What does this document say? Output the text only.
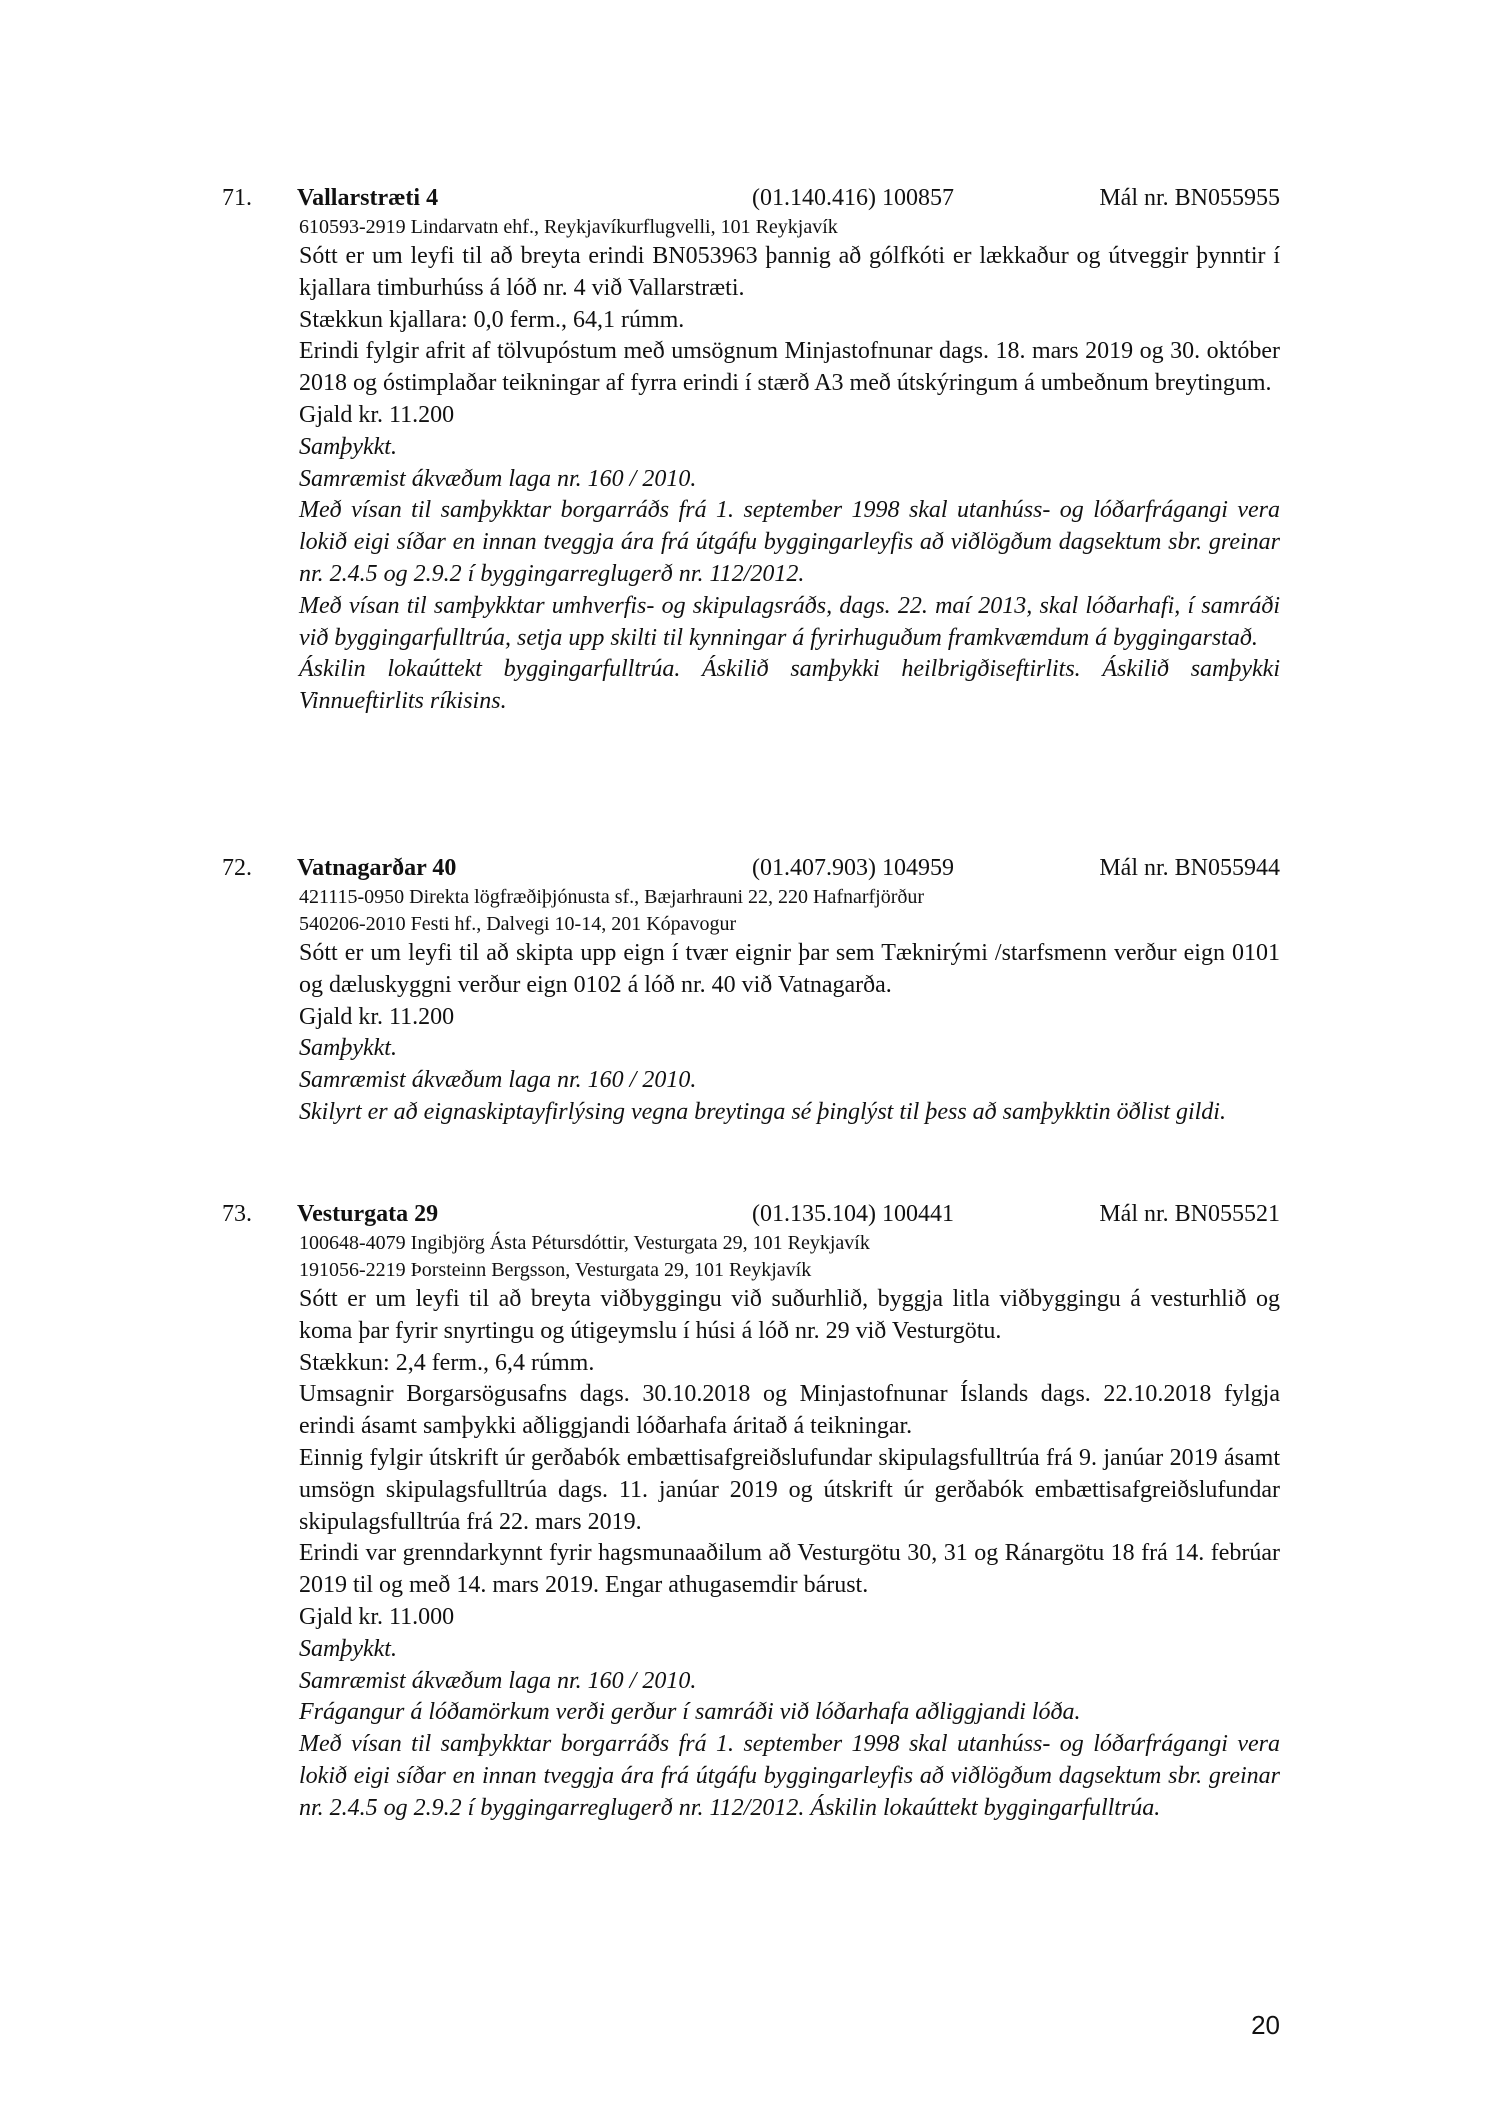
71. Vallarstræti 4	(01.140.416) 100857	Mál nr. BN055955
610593-2919 Lindarvatn ehf., Reykjavíkurflugvelli, 101 Reykjavík
Sótt er um leyfi til að breyta erindi BN053963 þannig að gólfkóti er lækkaður og útveggir þynntir í kjallara timburhúss á lóð nr. 4 við Vallarstræti.
Stækkun kjallara: 0,0 ferm., 64,1 rúmm.
Erindi fylgir afrit af tölvupóstum með umsögnum Minjastofnunar dags. 18. mars 2019 og 30. október 2018 og óstimplaðar teikningar af fyrra erindi í stærð A3 með útskýringum á umbeðnum breytingum.
Gjald kr. 11.200
Samþykkt.
Samræmist ákvæðum laga nr. 160 / 2010.
Með vísan til samþykktar borgarráðs frá 1. september 1998 skal utanhúss- og lóðarfrágangi vera lokið eigi síðar en innan tveggja ára frá útgáfu byggingarleyfis að viðlögðum dagsektum sbr. greinar nr. 2.4.5 og 2.9.2 í byggingarreglugerð nr. 112/2012.
Með vísan til samþykktar umhverfis- og skipulagsráðs, dags. 22. maí 2013, skal lóðarhafi, í samráði við byggingarfulltrúa, setja upp skilti til kynningar á fyrirhuguðum framkvæmdum á byggingarstað.
Áskilin lokaúttekt byggingarfulltrúa. Áskilið samþykki heilbrigðiseftirlits. Áskilið samþykki Vinnueftirlits ríkisins.
72. Vatnagarðar 40	(01.407.903) 104959	Mál nr. BN055944
421115-0950 Direkta lögfræðiþjónusta sf., Bæjarhrauni 22, 220 Hafnarfjörður
540206-2010 Festi hf., Dalvegi 10-14, 201 Kópavogur
Sótt er um leyfi til að skipta upp eign í tvær eignir þar sem Tæknirými /starfsmenn verður eign 0101 og dæluskyggni verður eign 0102 á lóð nr. 40 við Vatnagarða.
Gjald kr. 11.200
Samþykkt.
Samræmist ákvæðum laga nr. 160 / 2010.
Skilyrt er að eignaskiptayfirlýsing vegna breytinga sé þinglýst til þess að samþykktin öðlist gildi.
73. Vesturgata 29	(01.135.104) 100441	Mál nr. BN055521
100648-4079 Ingibjörg Ásta Pétursdóttir, Vesturgata 29, 101 Reykjavík
191056-2219 Þorsteinn Bergsson, Vesturgata 29, 101 Reykjavík
Sótt er um leyfi til að breyta viðbyggingu við suðurhlið, byggja litla viðbyggingu á vesturhlið og koma þar fyrir snyrtingu og útigeymslu í húsi á lóð nr. 29 við Vesturgötu.
Stækkun: 2,4 ferm., 6,4 rúmm.
Umsagnir Borgarsögusafns dags. 30.10.2018 og Minjastofnunar Íslands dags. 22.10.2018 fylgja erindi ásamt samþykki aðliggjandi lóðarhafa áritað á teikningar.
Einnig fylgir útskrift úr gerðabók embættisafgreiðslufundar skipulagsfulltrúa frá 9. janúar 2019 ásamt umsögn skipulagsfulltrúa dags. 11. janúar 2019 og útskrift úr gerðabók embættisafgreiðslufundar skipulagsfulltrúa frá 22. mars 2019.
Erindi var grenndarkynnt fyrir hagsmunaaðilum að Vesturgötu 30, 31 og Ránargötu 18 frá 14. febrúar 2019 til og með 14. mars 2019. Engar athugasemdir bárust.
Gjald kr. 11.000
Samþykkt.
Samræmist ákvæðum laga nr. 160 / 2010.
Frágangur á lóðamörkum verði gerður í samráði við lóðarhafa aðliggjandi lóða.
Með vísan til samþykktar borgarráðs frá 1. september 1998 skal utanhúss- og lóðarfrágangi vera lokið eigi síðar en innan tveggja ára frá útgáfu byggingarleyfis að viðlögðum dagsektum sbr. greinar nr. 2.4.5 og 2.9.2 í byggingarreglugerð nr. 112/2012. Áskilin lokaúttekt byggingarfulltrúa.
20
